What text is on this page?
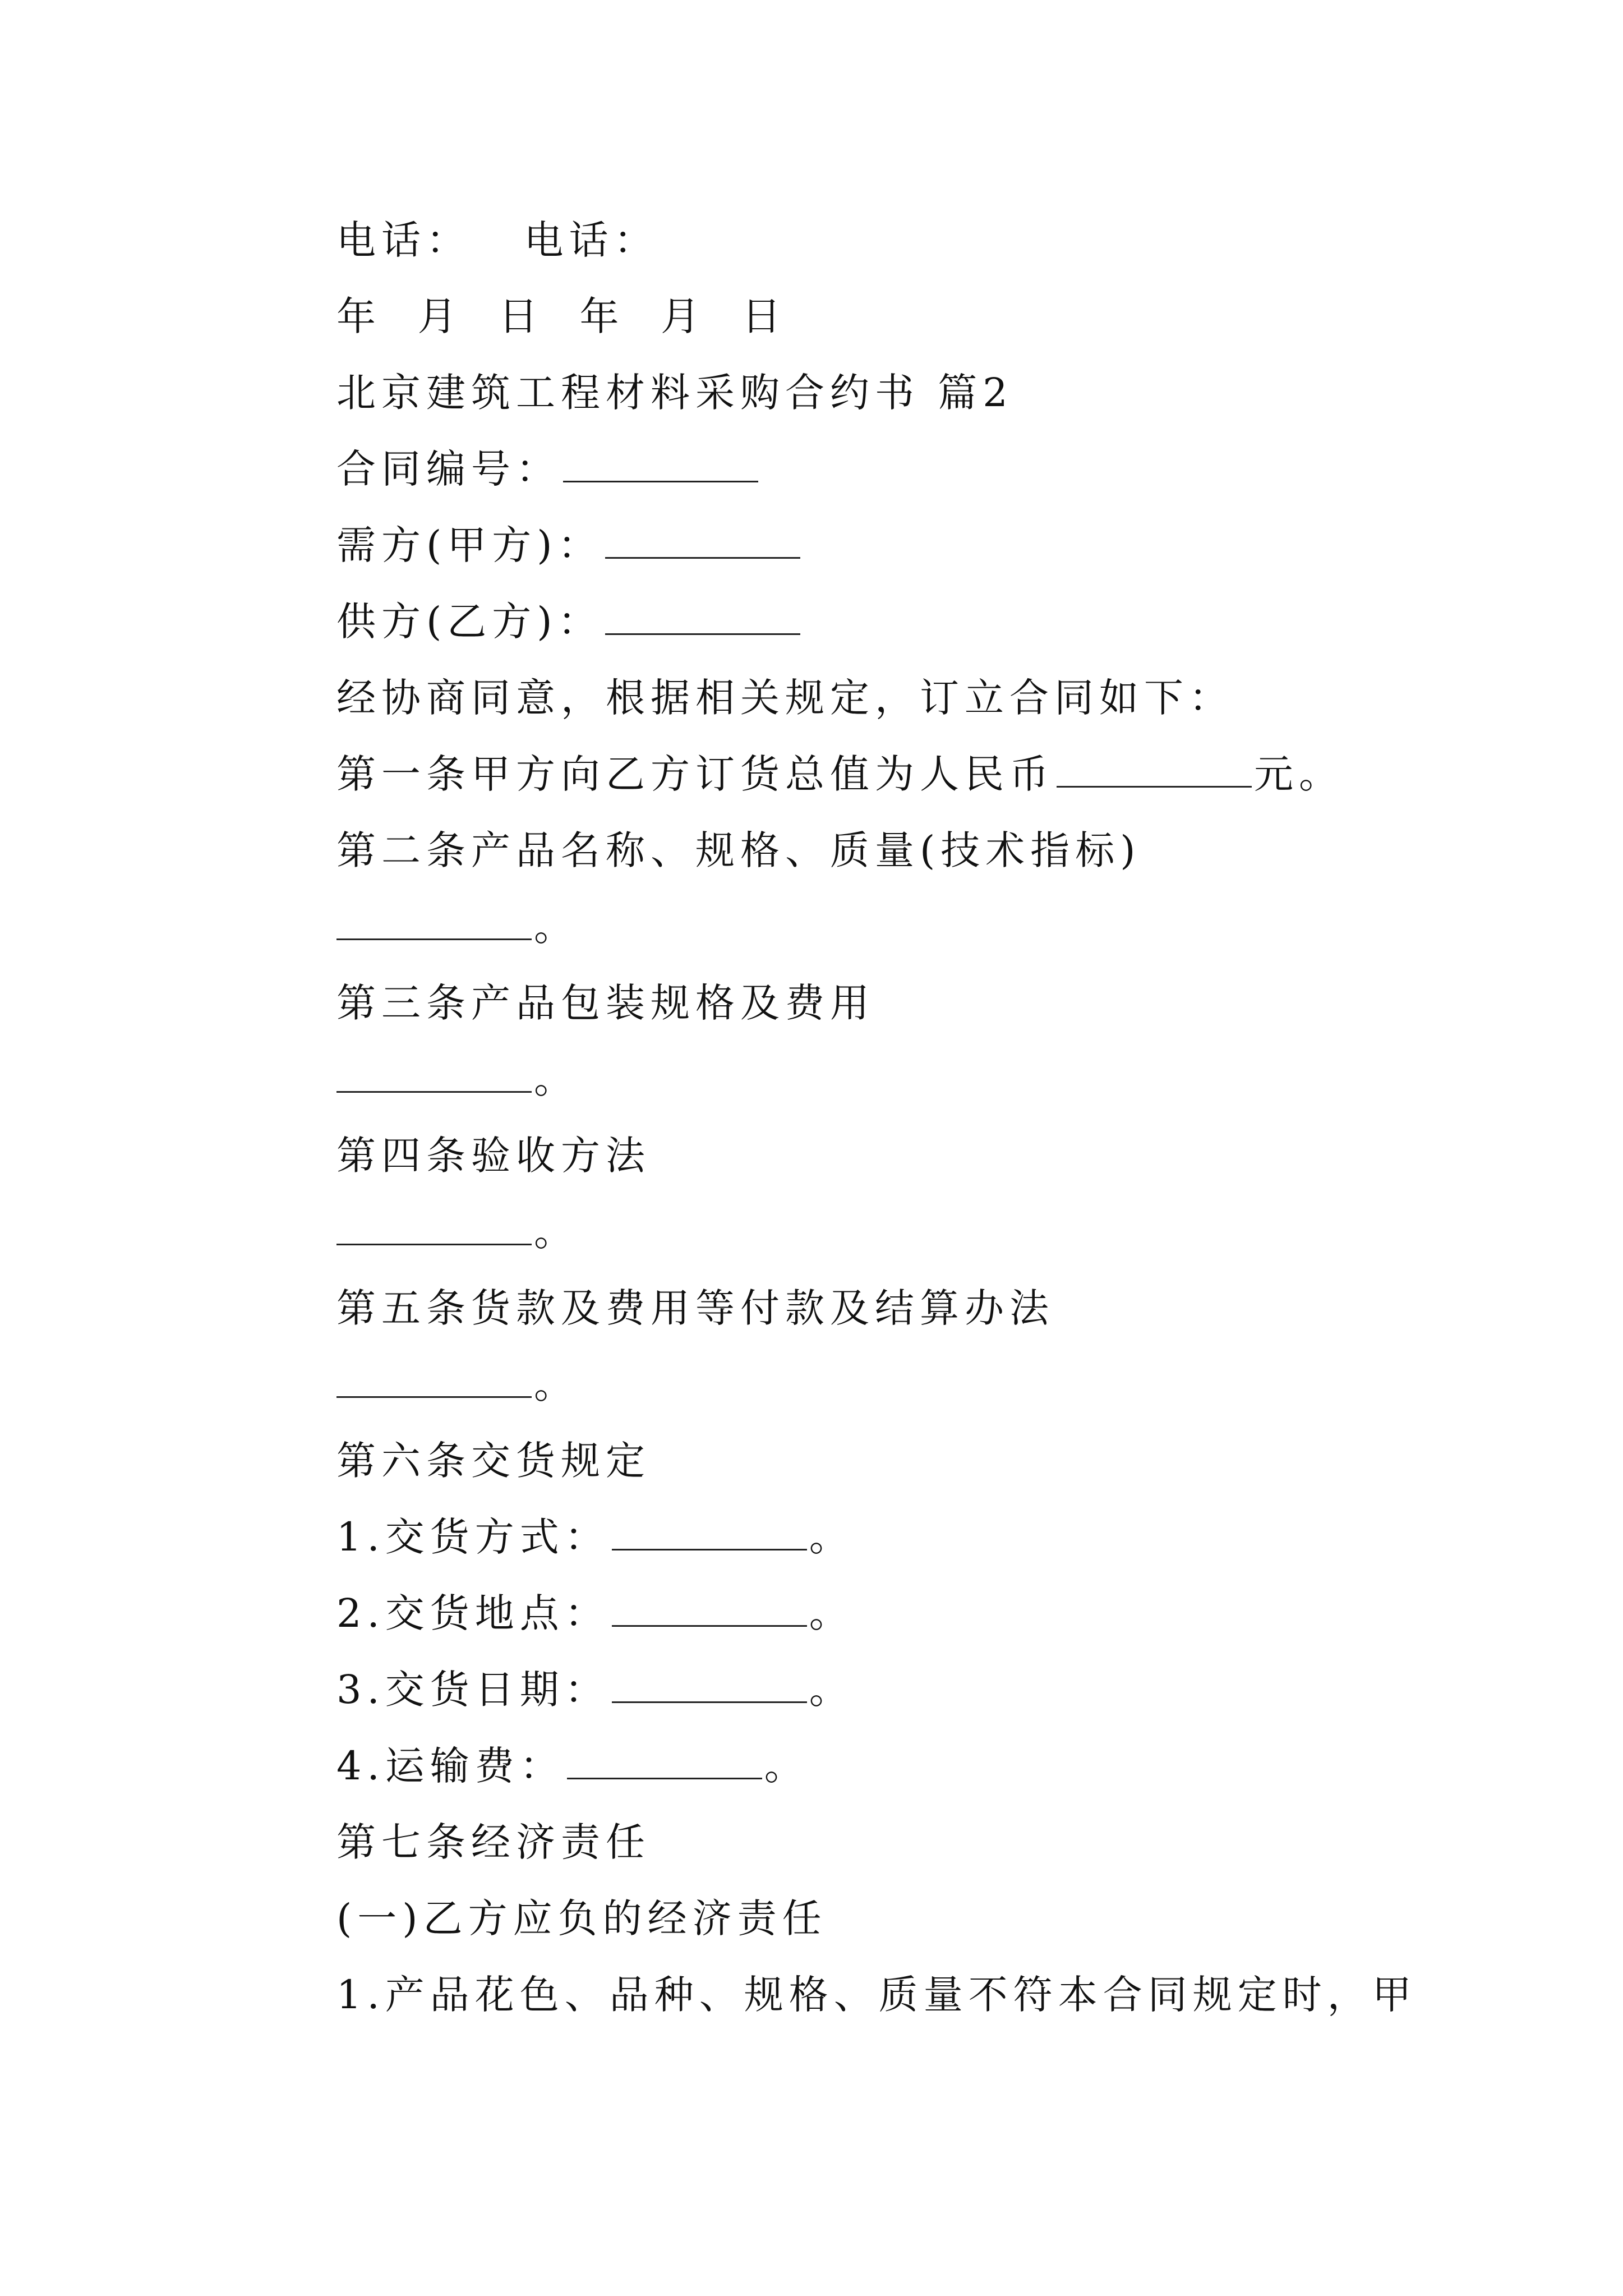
电话： 电话：
年  月  日  年  月  日
北京建筑工程材料采购合约书 篇2
合同编号：
需方(甲方)：
供方(乙方)：
经协商同意，根据相关规定，订立合同如下：
第一条甲方向乙方订货总值为人民币	元。
第二条产品名称、规格、质量(技术指标)
。
第三条产品包装规格及费用
。
第四条验收方法
。
第五条货款及费用等付款及结算办法
。
第六条交货规定
1.交货方式：	。
2.交货地点：	。
3.交货日期：	。
4.运输费：	。
第七条经济责任
(一)乙方应负的经济责任
1.产品花色、品种、规格、质量不符本合同规定时，甲
